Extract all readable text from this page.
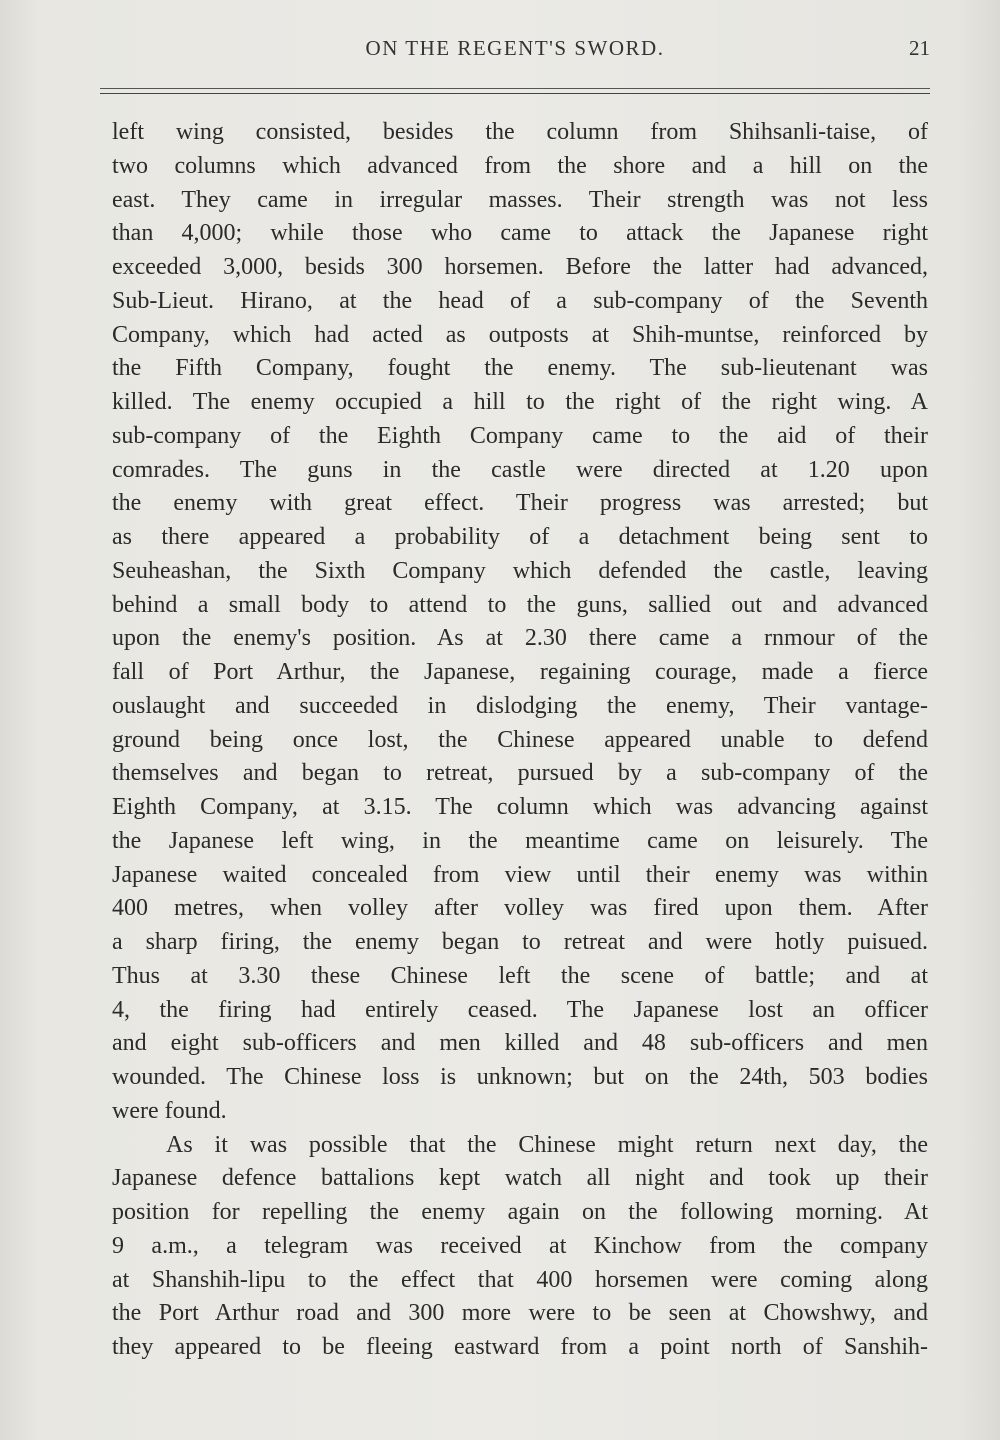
ON THE REGENT'S SWORD.	21
left wing consisted, besides the column from Shihsanli-taise, of
two columns which advanced from the shore and a hill on the
east. They came in irregular masses. Their strength was not less
than 4,000; while those who came to attack the Japanese right
exceeded 3,000, besids 300 horsemen. Before the latter had advanced,
Sub-Lieut. Hirano, at the head of a sub-company of the Seventh
Company, which had acted as outposts at Shih-muntse, reinforced by
the Fifth Company, fought the enemy. The sub-lieutenant was
killed. The enemy occupied a hill to the right of the right wing. A
sub-company of the Eighth Company came to the aid of their
comrades. The guns in the castle were directed at 1.20 upon
the enemy with great effect. Their progress was arrested; but
as there appeared a probability of a detachment being sent to
Seuheashan, the Sixth Company which defended the castle, leaving
behind a small body to attend to the guns, sallied out and advanced
upon the enemy's position. As at 2.30 there came a rnmour of the
fall of Port Arthur, the Japanese, regaining courage, made a fierce
ouslaught and succeeded in dislodging the enemy, Their vantage-
ground being once lost, the Chinese appeared unable to defend
themselves and began to retreat, pursued by a sub-company of the
Eighth Company, at 3.15. The column which was advancing against
the Japanese left wing, in the meantime came on leisurely. The
Japanese waited concealed from view until their enemy was within
400 metres, when volley after volley was fired upon them. After
a sharp firing, the enemy began to retreat and were hotly puisued.
Thus at 3.30 these Chinese left the scene of battle; and at
4, the firing had entirely ceased. The Japanese lost an officer
and eight sub-officers and men killed and 48 sub-officers and men
wounded. The Chinese loss is unknown; but on the 24th, 503 bodies
were found.
As it was possible that the Chinese might return next day, the
Japanese defence battalions kept watch all night and took up their
position for repelling the enemy again on the following morning. At
9 a.m., a telegram was received at Kinchow from the company
at Shanshih-lipu to the effect that 400 horsemen were coming along
the Port Arthur road and 300 more were to be seen at Chowshwy, and
they appeared to be fleeing eastward from a point north of Sanshih-
